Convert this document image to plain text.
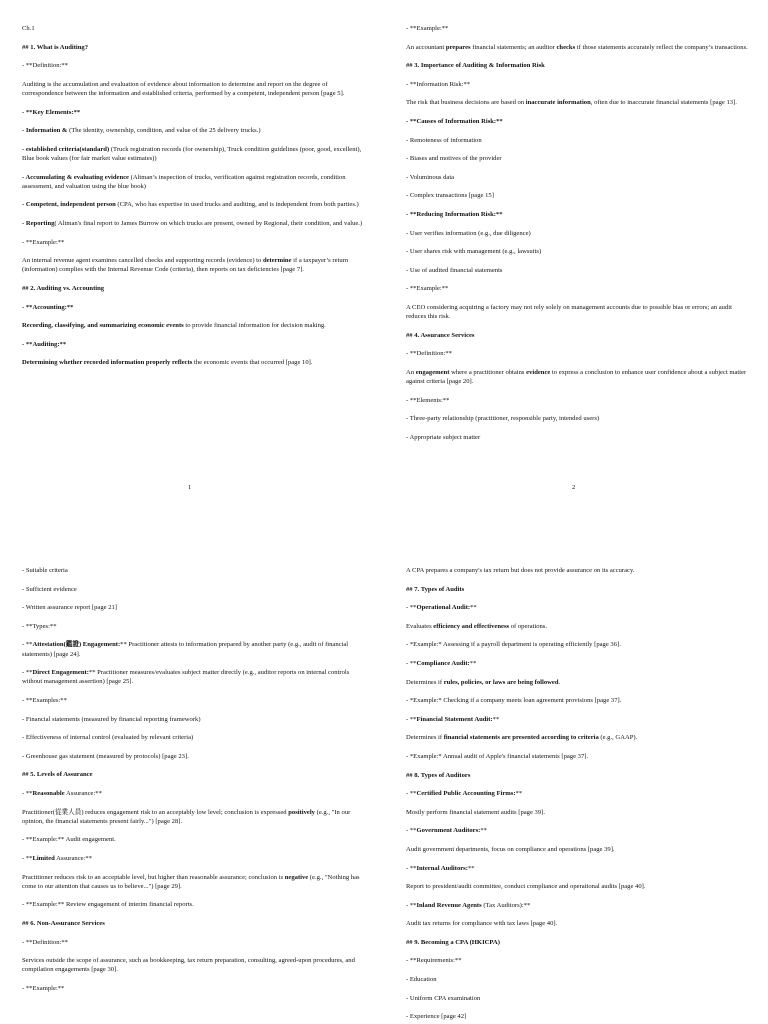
Ch.1
## 1. What is Auditing?
- **Definition:**
Auditing is the accumulation and evaluation of evidence about information to determine and report on the degree of correspondence between the information and established criteria, performed by a competent, independent person [page 5].
- **Key Elements:**
- Information & (The identity, ownership, condition, and value of the 25 delivery trucks.)
- established criteria(standard) (Truck registration records (for ownership), Truck condition guidelines (poor, good, excellent), Blue book values (for fair market value estimates))
- Accumulating & evaluating evidence (Altman’s inspection of trucks, verification against registration records, condition assessment, and valuation using the blue book)
- Competent, independent person (CPA, who has expertise in used trucks and auditing, and is independent from both parties.)
- Reporting( Altman's final report to James Burrow on which trucks are present, owned by Regional, their condition, and value.)
- **Example:**
An internal revenue agent examines cancelled checks and supporting records (evidence) to determine if a taxpayer’s return (information) complies with the Internal Revenue Code (criteria), then reports on tax deficiencies [page 7].
## 2. Auditing vs. Accounting
- **Accounting:**
Recording, classifying, and summarizing economic events to provide financial information for decision making.
- **Auditing:**
Determining whether recorded information properly reflects the economic events that occurred [page 10].
- **Example:**
An accountant prepares financial statements; an auditor checks if those statements accurately reflect the company’s transactions.
## 3. Importance of Auditing & Information Risk
- **Information Risk:**
The risk that business decisions are based on inaccurate information, often due to inaccurate financial statements [page 13].
- **Causes of Information Risk:**
- Remoteness of information
- Biases and motives of the provider
- Voluminous data
- Complex transactions [page 15]
- **Reducing Information Risk:**
- User verifies information (e.g., due diligence)
- User shares risk with management (e.g., lawsuits)
- Use of audited financial statements
- **Example:**
A CEO considering acquiring a factory may not rely solely on management accounts due to possible bias or errors; an audit reduces this risk.
## 4. Assurance Services
- **Definition:**
An engagement where a practitioner obtains evidence to express a conclusion to enhance user confidence about a subject matter against criteria [page 20].
- **Elements:**
- Three-party relationship (practitioner, responsible party, intended users)
- Appropriate subject matter
- Suitable criteria
- Sufficient evidence
- Written assurance report [page 21]
- **Types:**
- **Attestation(鑑證) Engagement:** Practitioner attests to information prepared by another party (e.g., audit of financial statements) [page 24].
- **Direct Engagement:** Practitioner measures/evaluates subject matter directly (e.g., auditor reports on internal controls without management assertion) [page 25].
- **Examples:**
- Financial statements (measured by financial reporting framework)
- Effectiveness of internal control (evaluated by relevant criteria)
- Greenhouse gas statement (measured by protocols) [page 23].
## 5. Levels of Assurance
- **Reasonable Assurance:**
Practitioner(從業人員) reduces engagement risk to an acceptably low level; conclusion is expressed positively (e.g., "In our opinion, the financial statements present fairly...") [page 28].
- **Example:** Audit engagement.
- **Limited Assurance:**
Practitioner reduces risk to an acceptable level, but higher than reasonable assurance; conclusion is negative (e.g., "Nothing has come to our attention that causes us to believe...") [page 29].
- **Example:** Review engagement of interim financial reports.
## 6. Non-Assurance Services
- **Definition:**
Services outside the scope of assurance, such as bookkeeping, tax return preparation, consulting, agreed-upon procedures, and compilation engagements [page 30].
- **Example:**
A CPA prepares a company's tax return but does not provide assurance on its accuracy.
## 7. Types of Audits
- **Operational Audit:**
Evaluates efficiency and effectiveness of operations.
- *Example:* Assessing if a payroll department is operating efficiently [page 36].
- **Compliance Audit:**
Determines if rules, policies, or laws are being followed.
- *Example:* Checking if a company meets loan agreement provisions [page 37].
- **Financial Statement Audit:**
Determines if financial statements are presented according to criteria (e.g., GAAP).
- *Example:* Annual audit of Apple's financial statements [page 37].
## 8. Types of Auditors
- **Certified Public Accounting Firms:**
Mostly perform financial statement audits [page 39].
- **Government Auditors:**
Audit government departments, focus on compliance and operations [page 39].
- **Internal Auditors:**
Report to president/audit committee, conduct compliance and operational audits [page 40].
- **Inland Revenue Agents (Tax Auditors):**
Audit tax returns for compliance with tax laws [page 40].
## 9. Becoming a CPA (HKICPA)
- **Requirements:**
- Education
- Uniform CPA examination
- Experience [page 42]
1	2
